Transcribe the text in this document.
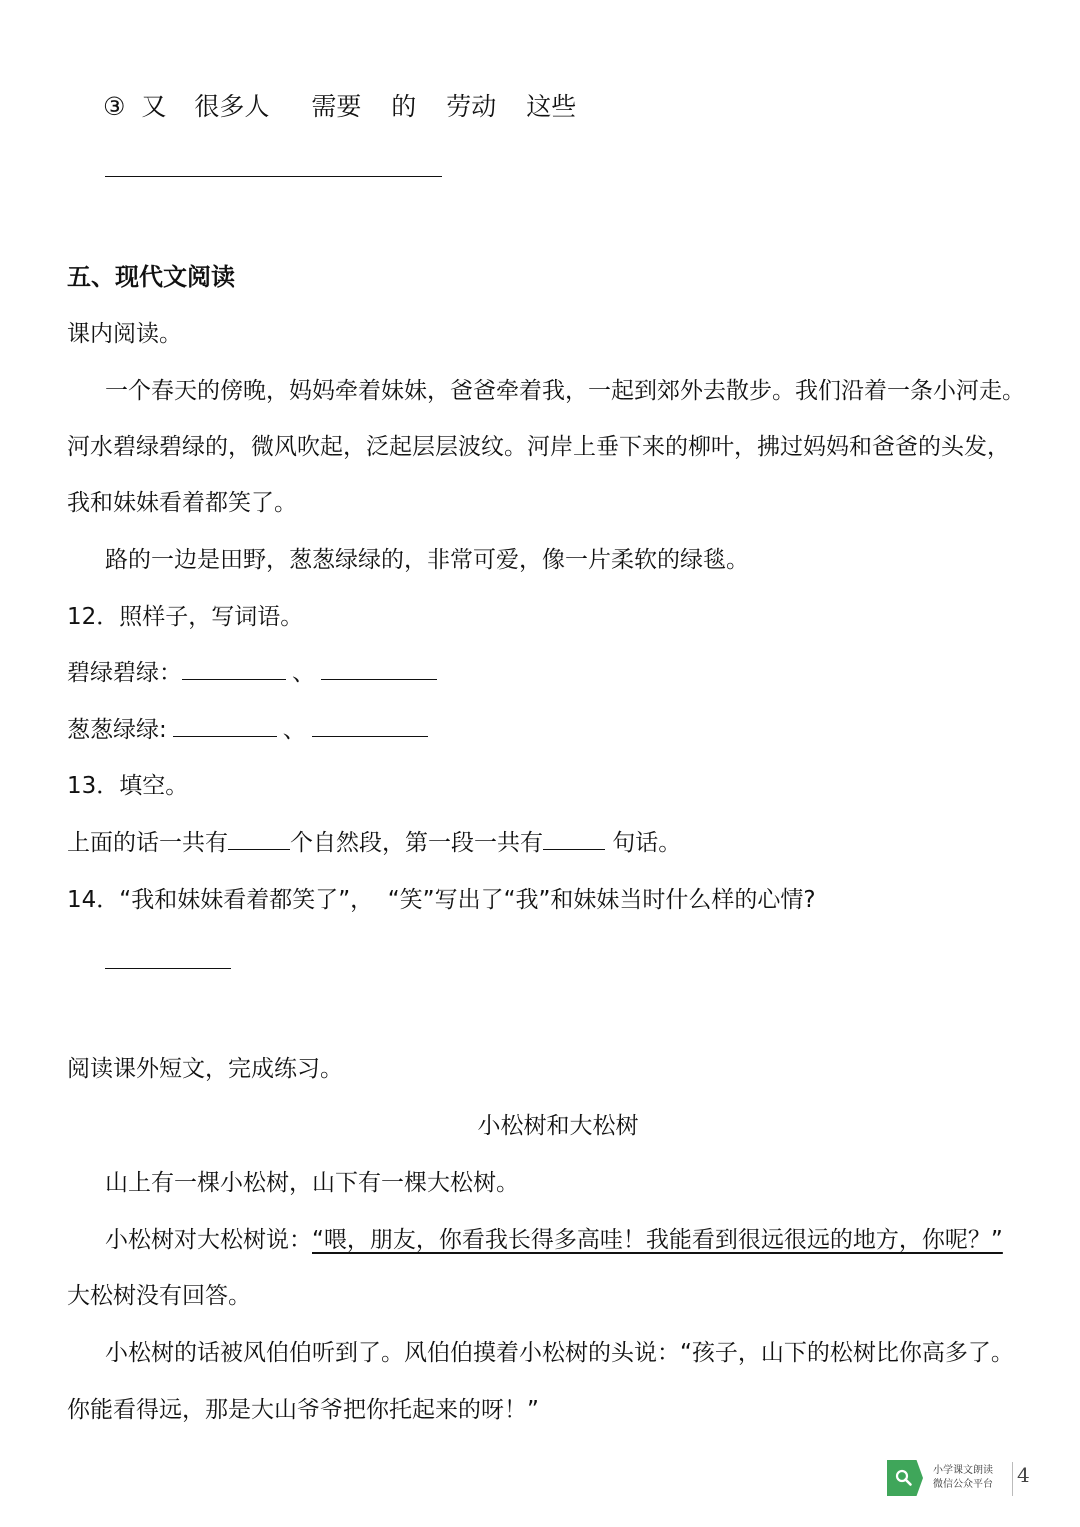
③ 又 很多人 需要 的 劳动 这些
五、现代文阅读
课内阅读。
一个春天的傍晚，妈妈牵着妹妹，爸爸牵着我，一起到郊外去散步。我们沿着一条小河走。
河水碧绿碧绿的，微风吹起，泛起层层波纹。河岸上垂下来的柳叶，拂过妈妈和爸爸的头发，
我和妹妹看着都笑了。
路的一边是田野，葱葱绿绿的，非常可爱，像一片柔软的绿毯。
12．照样子，写词语。
碧绿碧绿：	、
葱葱绿绿:	、
13．填空。
上面的话一共有	个自然段，第一段一共有	句话。
14．“我和妹妹看着都笑了”，  “笑”写出了“我”和妹妹当时什么样的心情?
阅读课外短文，完成练习。
小松树和大松树
山上有一棵小松树，山下有一棵大松树。
小松树对大松树说：“喂，朋友，你看我长得多高哇！我能看到很远很远的地方，你呢？”
大松树没有回答。
小松树的话被风伯伯听到了。风伯伯摸着小松树的头说：“孩子，山下的松树比你高多了。
你能看得远，那是大山爷爷把你托起来的呀！”
小学课文朗读
微信公众平台 4
